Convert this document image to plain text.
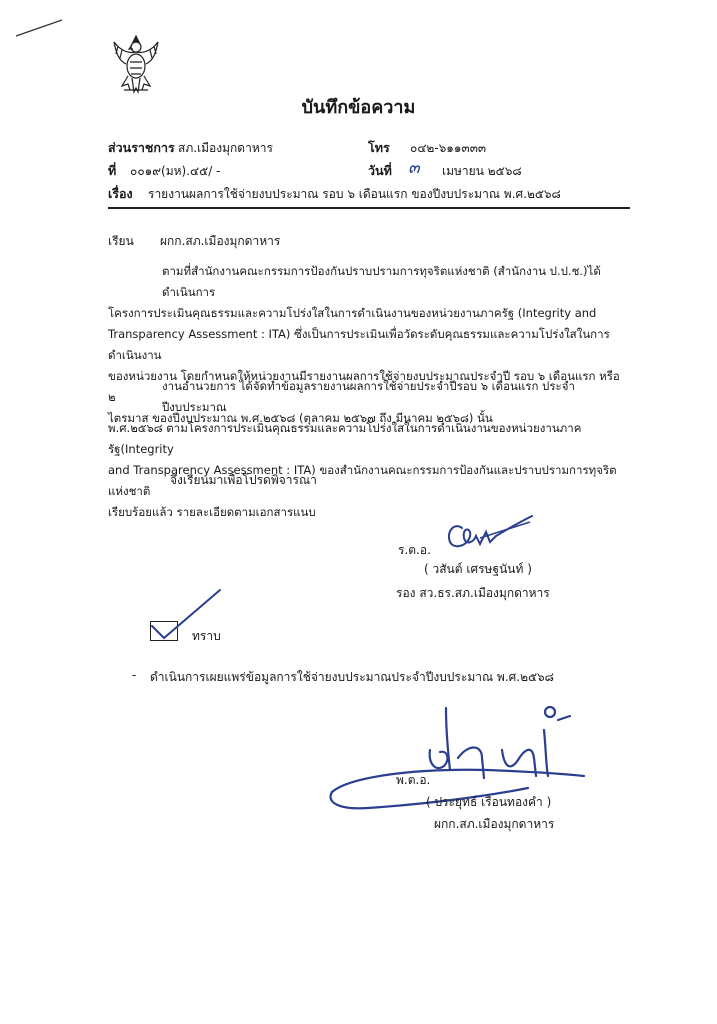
บันทึกข้อความ
ส่วนราชการ สภ.เมืองมุกดาหาร	โทร ๐๔๒-๖๑๑๓๓๓
ที่ ๐๐๑๙(มห).๔๕/ -	วันที่ ๓ เมษายน ๒๕๖๘
เรื่อง รายงานผลการใช้จ่ายงบประมาณ รอบ ๖ เดือนแรก ของปีงบประมาณ พ.ศ.๒๕๖๘
เรียน ผกก.สภ.เมืองมุกดาหาร

ตามที่สำนักงานคณะกรรมการป้องกันปราบปรามการทุจริตแห่งชาติ (สำนักงาน ป.ป.ช.)ได้ดำเนินการ

โครงการประเมินคุณธรรมและความโปร่งใสในการดำเนินงานของหน่วยงานภาครัฐ (Integrity and

Transparency Assessment : ITA) ซึ่งเป็นการประเมินเพื่อวัดระดับคุณธรรมและความโปร่งใสในการดำเนินงาน

ของหน่วยงาน โดยกำหนดให้หน่วยงานมีรายงานผลการใช้จ่ายงบประมาณประจำปี รอบ ๖ เดือนแรก หรือ ๒

ไตรมาส ของปีงบประมาณ พ.ศ.๒๕๖๘ (ตุลาคม ๒๕๖๗ ถึง มีนาคม ๒๕๖๘) นั้น

งานอำนวยการ ได้จัดทำข้อมูลรายงานผลการใช้จ่ายประจำปีรอบ ๖ เดือนแรก ประจำปีงบประมาณ

พ.ศ.๒๕๖๘ ตามโครงการประเมินคุณธรรมและความโปร่งใสในการดำเนินงานของหน่วยงานภาครัฐ(Integrity

and Transparency Assessment : ITA) ของสำนักงานคณะกรรมการป้องกันและปราบปรามการทุจริตแห่งชาติ

เรียบร้อยแล้ว รายละเอียดตามเอกสารแนบ

จึงเรียนมาเพื่อโปรดพิจารณา
ร.ต.อ.
( วสันต์ เศรษฐนันท์ )
รอง สว.ธร.สภ.เมืองมุกดาหาร
ทราบ
- ดำเนินการเผยแพร่ข้อมูลการใช้จ่ายงบประมาณประจำปีงบประมาณ พ.ศ.๒๕๖๘
พ.ต.อ.
( ประยุทธ์ เรือนทองคำ )
ผกก.สภ.เมืองมุกดาหาร
